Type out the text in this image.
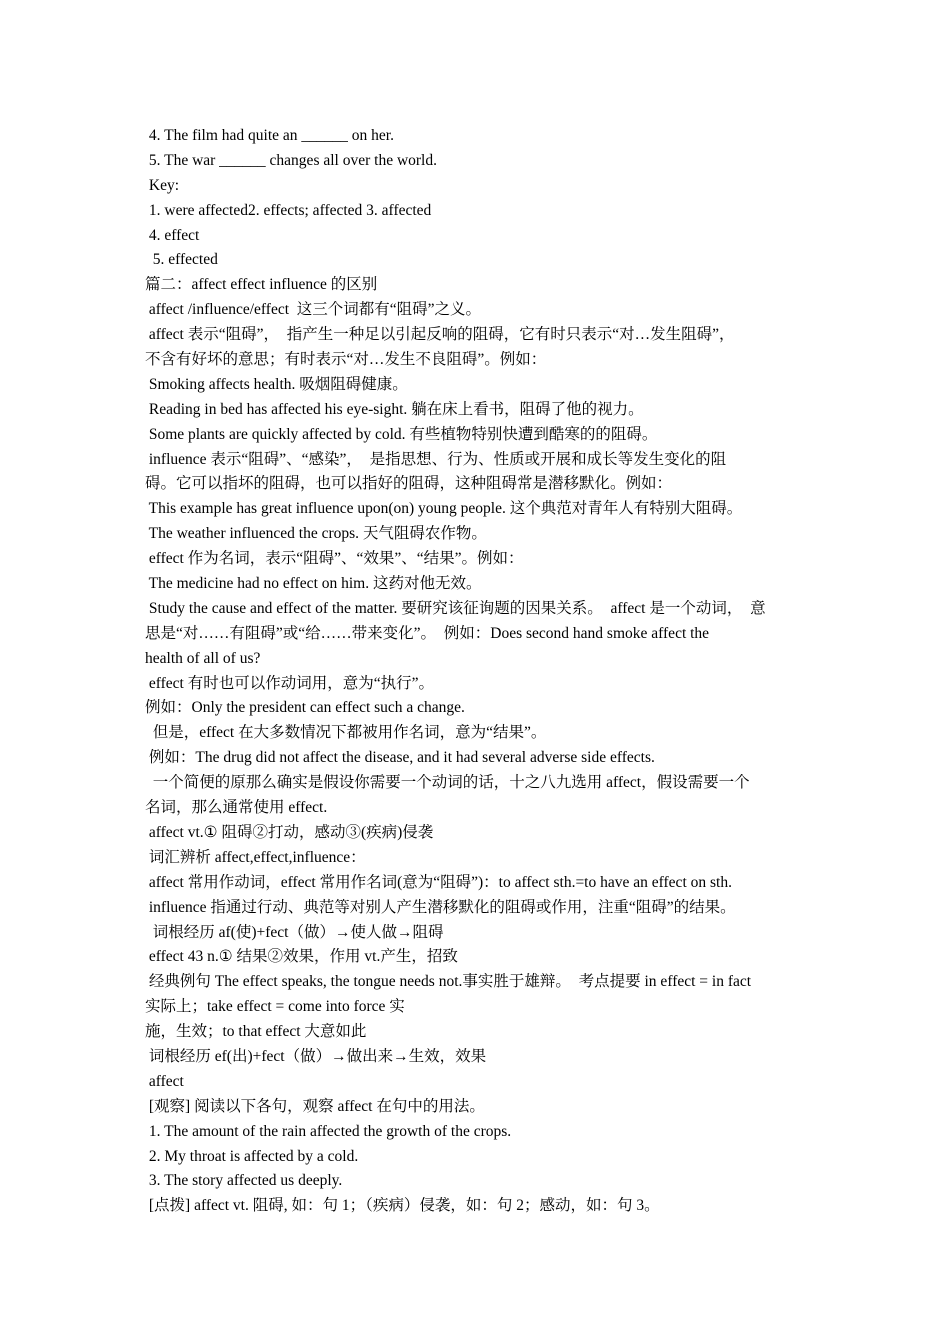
4. The film had quite an ______ on her.
5. The war ______ changes all over the world.
Key:
1. were affected2. effects; affected 3. affected
4. effect
5. effected
篇二：affect effect influence 的区别
affect /influence/effect  这三个词都有“阻碍”之义。
affect 表示“阻碍”，  指产生一种足以引起反响的阻碍，它有时只表示“对…发生阻碍”，
不含有好坏的意思；有时表示“对…发生不良阻碍”。例如：
Smoking affects health. 吸烟阻碍健康。
Reading in bed has affected his eye-sight. 躺在床上看书，阻碍了他的视力。
Some plants are quickly affected by cold. 有些植物特别快遭到酷寒的的阻碍。
influence 表示“阻碍”、“感染”，  是指思想、行为、性质或开展和成长等发生变化的阻
碍。它可以指坏的阻碍，也可以指好的阻碍，这种阻碍常是潜移默化。例如：
This example has great influence upon(on) young people. 这个典范对青年人有特别大阻碍。
The weather influenced the crops. 天气阻碍农作物。
effect 作为名词，表示“阻碍”、“效果”、“结果”。例如：
The medicine had no effect on him. 这药对他无效。
Study the cause and effect of the matter. 要研究该征询题的因果关系。  affect 是一个动词，  意
思是“对……有阻碍”或“给……带来变化”。  例如：Does second hand smoke affect the
health of all of us?
effect 有时也可以作动词用，意为“执行”。
例如：Only the president can effect such a change.
但是，effect 在大多数情况下都被用作名词，意为“结果”。
例如：The drug did not affect the disease, and it had several adverse side effects.
一个简便的原那么确实是假设你需要一个动词的话，十之八九选用 affect，假设需要一个
名词，那么通常使用 effect.
affect vt.① 阻碍②打动，感动③(疾病)侵袭
词汇辨析 affect,effect,influence：
affect 常用作动词，effect 常用作名词(意为“阻碍”)：to affect sth.=to have an effect on sth.
influence 指通过行动、典范等对别人产生潜移默化的阻碍或作用，注重“阻碍”的结果。
词根经历 af(使)+fect（做）→使人做→阻碍
effect 43 n.① 结果②效果，作用 vt.产生，招致
经典例句 The effect speaks, the tongue needs not.事实胜于雄辩。  考点提要 in effect = in fact
实际上；take effect = come into force 实
施，生效；to that effect 大意如此
词根经历 ef(出)+fect（做）→做出来→生效，效果
affect
[观察] 阅读以下各句，观察 affect 在句中的用法。
1. The amount of the rain affected the growth of the crops.
2. My throat is affected by a cold.
3. The story affected us deeply.
[点拨] affect vt. 阻碍, 如：句 1；（疾病）侵袭，如：句 2；感动，如：句 3。
